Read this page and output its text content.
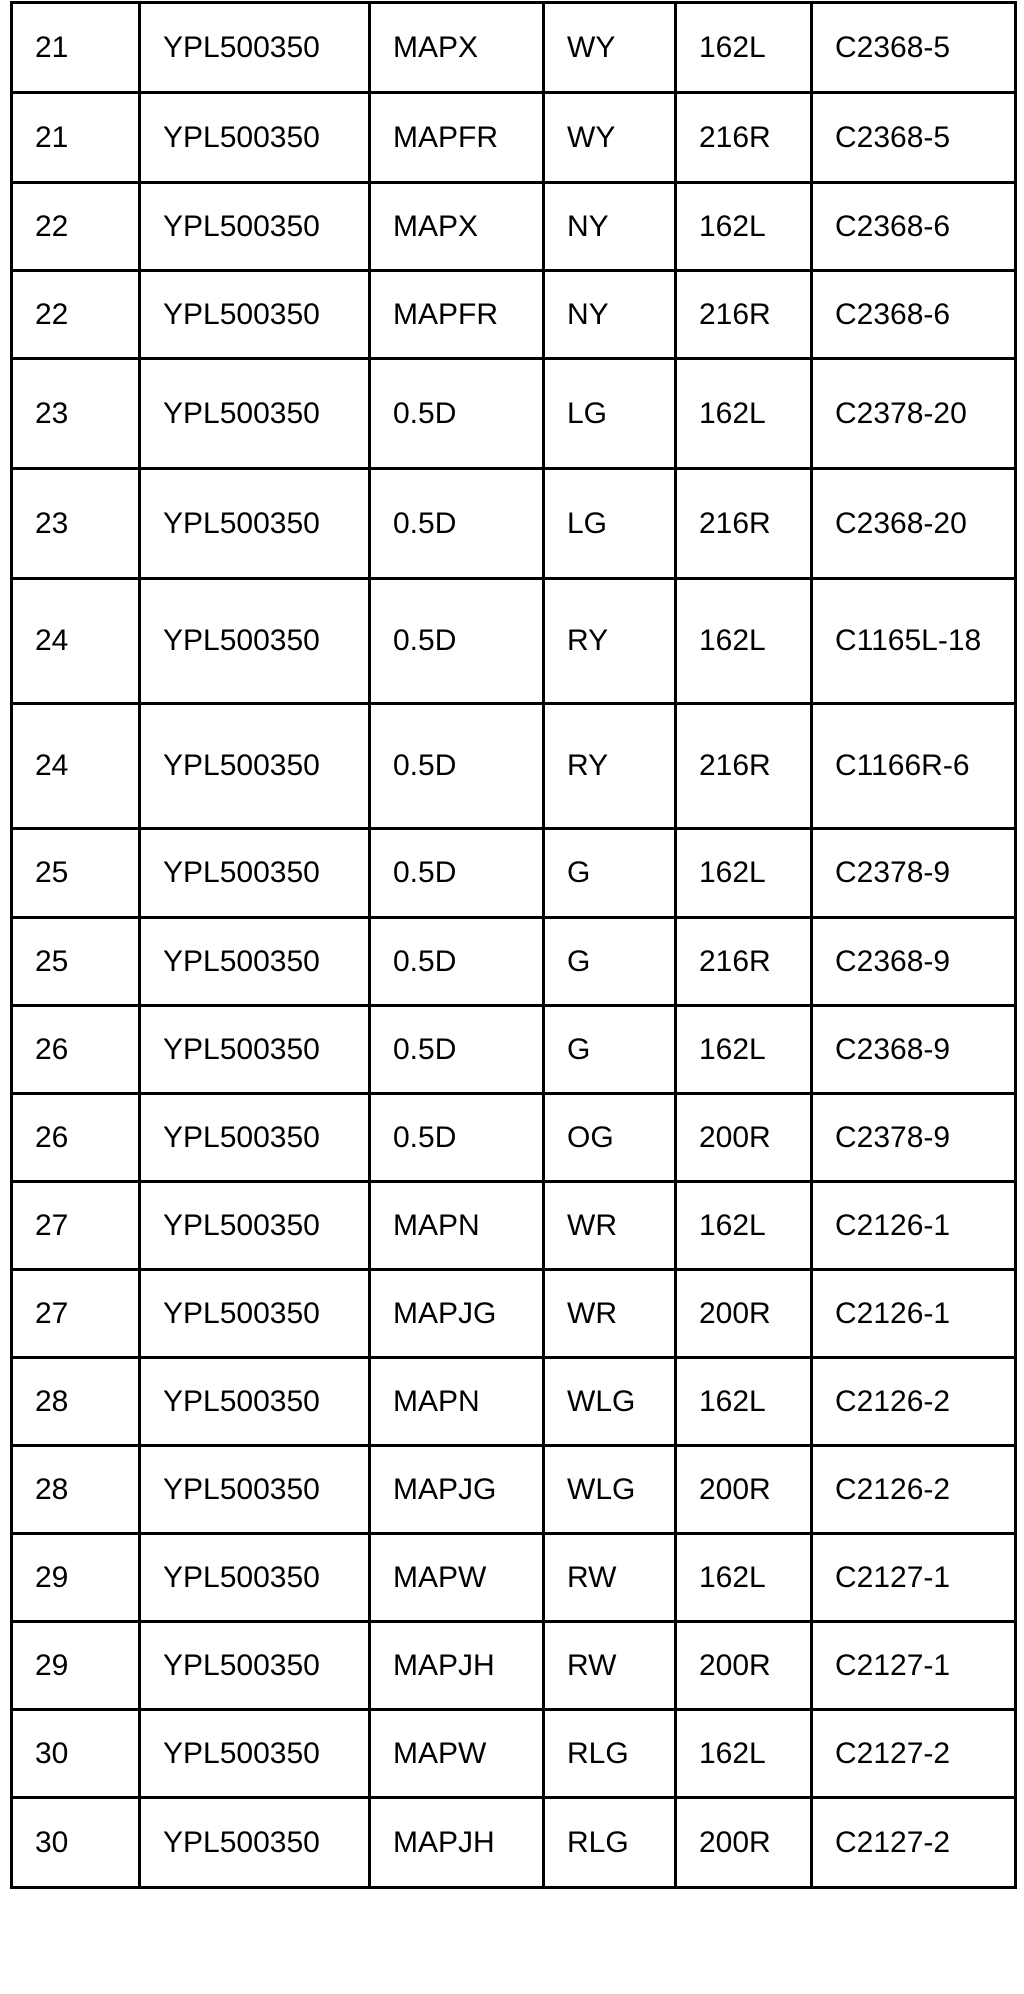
21	YPL500350	MAPX	WY	162L	C2368-5
21	YPL500350	MAPFR	WY	216R	C2368-5
22	YPL500350	MAPX	NY	162L	C2368-6
22	YPL500350	MAPFR	NY	216R	C2368-6
23	YPL500350	0.5D	LG	162L	C2378-20
23	YPL500350	0.5D	LG	216R	C2368-20
24	YPL500350	0.5D	RY	162L	C1165L-18
24	YPL500350	0.5D	RY	216R	C1166R-6
25	YPL500350	0.5D	G	162L	C2378-9
25	YPL500350	0.5D	G	216R	C2368-9
26	YPL500350	0.5D	G	162L	C2368-9
26	YPL500350	0.5D	OG	200R	C2378-9
27	YPL500350	MAPN	WR	162L	C2126-1
27	YPL500350	MAPJG	WR	200R	C2126-1
28	YPL500350	MAPN	WLG	162L	C2126-2
28	YPL500350	MAPJG	WLG	200R	C2126-2
29	YPL500350	MAPW	RW	162L	C2127-1
29	YPL500350	MAPJH	RW	200R	C2127-1
30	YPL500350	MAPW	RLG	162L	C2127-2
30	YPL500350	MAPJH	RLG	200R	C2127-2
